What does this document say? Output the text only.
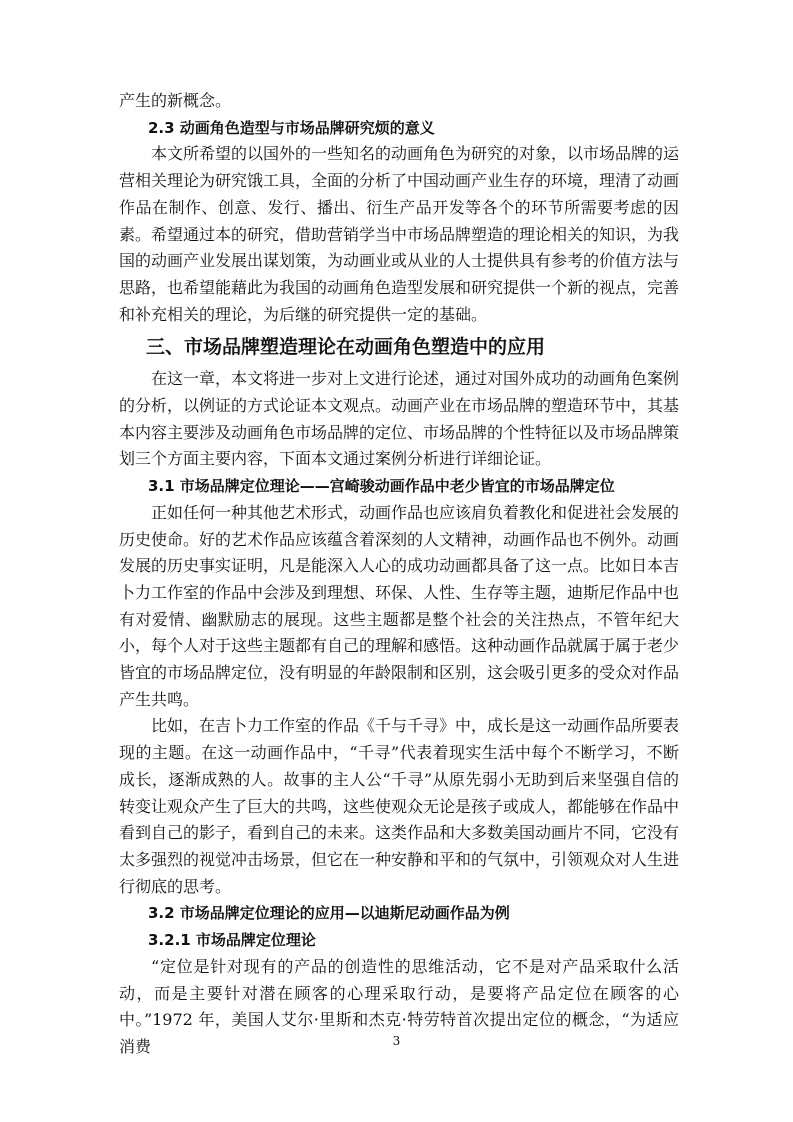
产生的新概念。

2.3 动画角色造型与市场品牌研究烦的意义

本文所希望的以国外的一些知名的动画角色为研究的对象，以市场品牌的运营相关理论为研究饿工具，全面的分析了中国动画产业生存的环境，理清了动画作品在制作、创意、发行、播出、衍生产品开发等各个的环节所需要考虑的因素。希望通过本的研究，借助营销学当中市场品牌塑造的理论相关的知识，为我国的动画产业发展出谋划策，为动画业或从业的人士提供具有参考的价值方法与思路，也希望能藉此为我国的动画角色造型发展和研究提供一个新的视点，完善和补充相关的理论，为后继的研究提供一定的基础。

三、市场品牌塑造理论在动画角色塑造中的应用

在这一章，本文将进一步对上文进行论述，通过对国外成功的动画角色案例的分析，以例证的方式论证本文观点。动画产业在市场品牌的塑造环节中，其基本内容主要涉及动画角色市场品牌的定位、市场品牌的个性特征以及市场品牌策划三个方面主要内容，下面本文通过案例分析进行详细论证。

3.1 市场品牌定位理论——宫崎骏动画作品中老少皆宜的市场品牌定位

正如任何一种其他艺术形式，动画作品也应该肩负着教化和促进社会发展的历史使命。好的艺术作品应该蕴含着深刻的人文精神，动画作品也不例外。动画发展的历史事实证明，凡是能深入人心的成功动画都具备了这一点。比如日本吉卜力工作室的作品中会涉及到理想、环保、人性、生存等主题，迪斯尼作品中也有对爱情、幽默励志的展现。这些主题都是整个社会的关注热点，不管年纪大小，每个人对于这些主题都有自己的理解和感悟。这种动画作品就属于属于老少皆宜的市场品牌定位，没有明显的年龄限制和区别，这会吸引更多的受众对作品产生共鸣。

比如，在吉卜力工作室的作品《千与千寻》中，成长是这一动画作品所要表现的主题。在这一动画作品中，“千寻”代表着现实生活中每个不断学习，不断成长，逐渐成熟的人。故事的主人公“千寻”从原先弱小无助到后来坚强自信的转变让观众产生了巨大的共鸣，这些使观众无论是孩子或成人，都能够在作品中看到自己的影子，看到自己的未来。这类作品和大多数美国动画片不同，它没有太多强烈的视觉冲击场景，但它在一种安静和平和的气氛中，引领观众对人生进行彻底的思考。

3.2 市场品牌定位理论的应用—以迪斯尼动画作品为例
3.2.1 市场品牌定位理论

“定位是针对现有的产品的创造性的思维活动，它不是对产品采取什么活动，而是主要针对潜在顾客的心理采取行动，是要将产品定位在顾客的心中。”1972 年，美国人艾尔·里斯和杰克·特劳特首次提出定位的概念，“为适应消费	3
